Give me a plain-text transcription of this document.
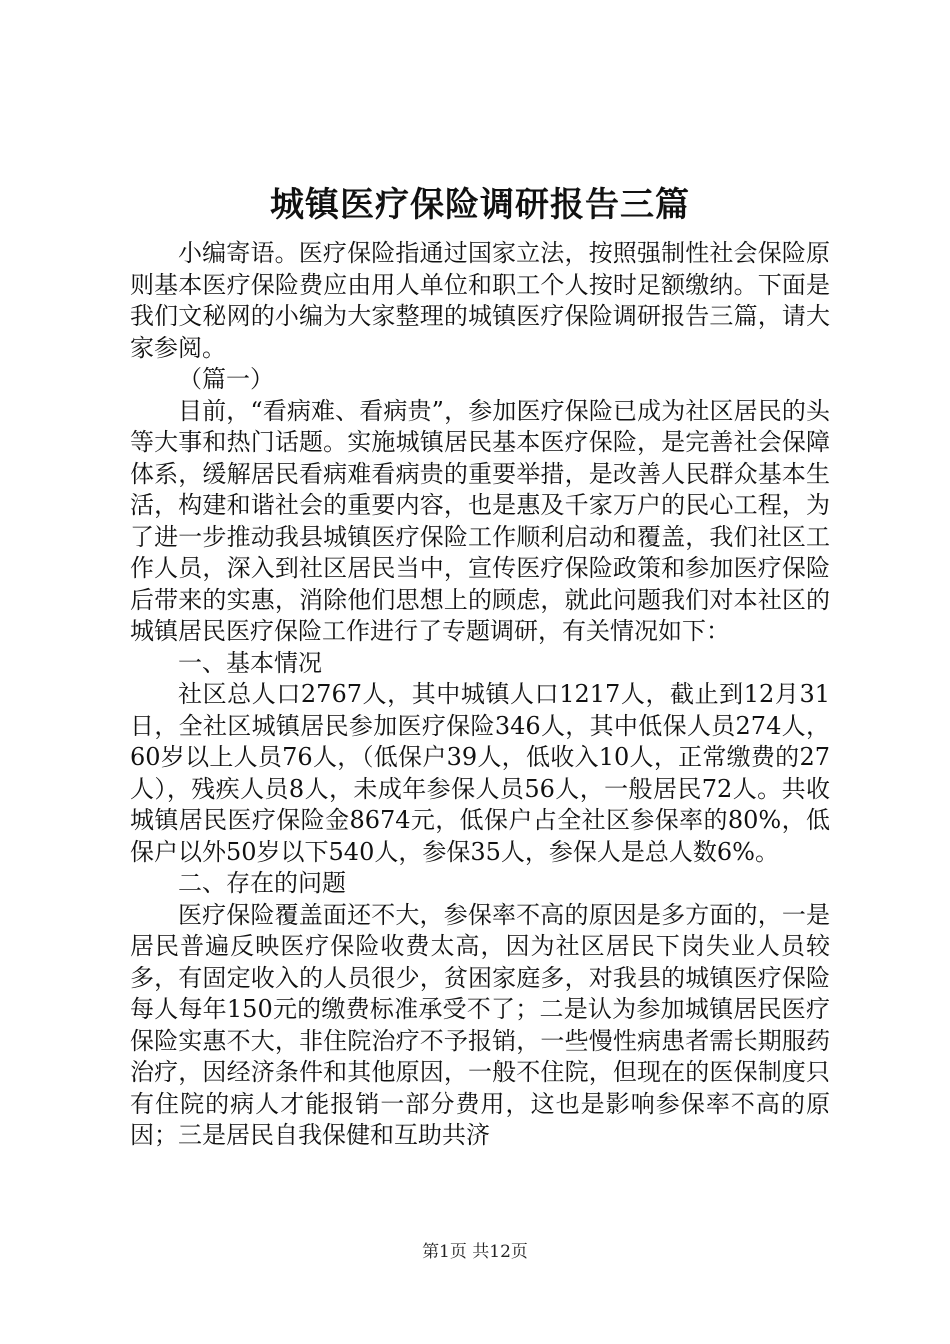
城镇医疗保险调研报告三篇

小编寄语。医疗保险指通过国家立法，按照强制性社会保险原则基本医疗保险费应由用人单位和职工个人按时足额缴纳。下面是我们文秘网的小编为大家整理的城镇医疗保险调研报告三篇，请大家参阅。

（篇一）

目前，“看病难、看病贵”，参加医疗保险已成为社区居民的头等大事和热门话题。实施城镇居民基本医疗保险，是完善社会保障体系，缓解居民看病难看病贵的重要举措，是改善人民群众基本生活，构建和谐社会的重要内容，也是惠及千家万户的民心工程，为了进一步推动我县城镇医疗保险工作顺利启动和覆盖，我们社区工作人员，深入到社区居民当中，宣传医疗保险政策和参加医疗保险后带来的实惠，消除他们思想上的顾虑，就此问题我们对本社区的城镇居民医疗保险工作进行了专题调研，有关情况如下：

一、基本情况

社区总人口2767人，其中城镇人口1217人，截止到12月31日，全社区城镇居民参加医疗保险346人，其中低保人员274人，60岁以上人员76人，（低保户39人，低收入10人，正常缴费的27人），残疾人员8人，未成年参保人员56人，一般居民72人。共收城镇居民医疗保险金8674元，低保户占全社区参保率的80%，低保户以外50岁以下540人，参保35人，参保人是总人数6%。

二、存在的问题

医疗保险覆盖面还不大，参保率不高的原因是多方面的，一是居民普遍反映医疗保险收费太高，因为社区居民下岗失业人员较多，有固定收入的人员很少，贫困家庭多，对我县的城镇医疗保险每人每年150元的缴费标准承受不了；二是认为参加城镇居民医疗保险实惠不大，非住院治疗不予报销，一些慢性病患者需长期服药治疗，因经济条件和其他原因，一般不住院，但现在的医保制度只有住院的病人才能报销一部分费用，这也是影响参保率不高的原因；三是居民自我保健和互助共济

第1页 共12页
